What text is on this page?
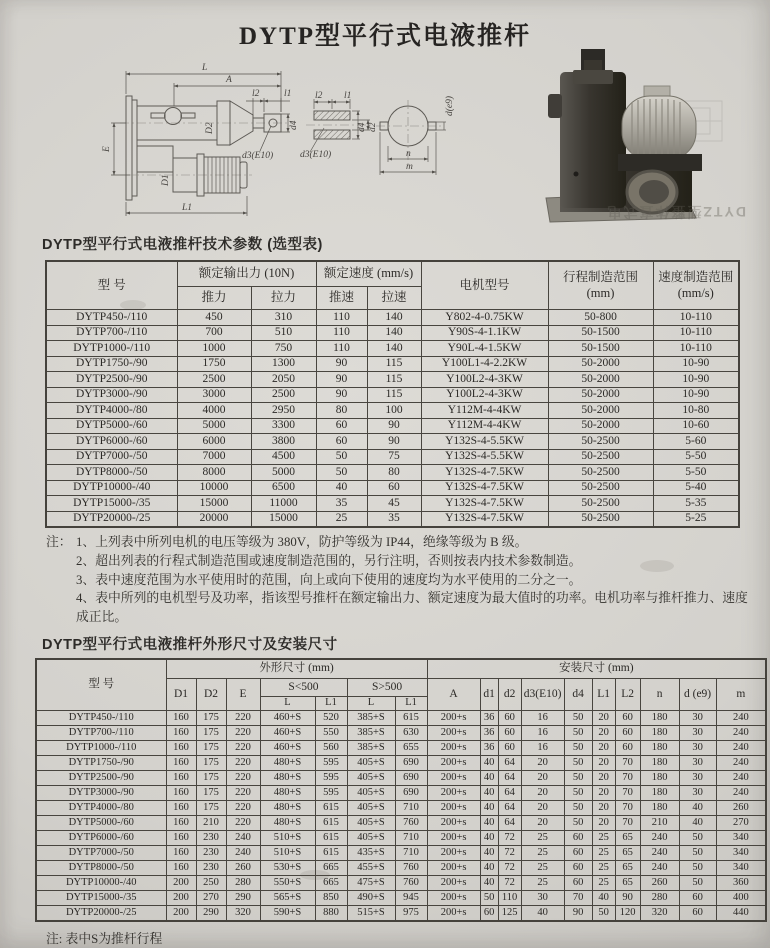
DYTP型平行式电液推杆
L
A
l2	l1
D2	d4
d3(E10)
E
D1
L1
l2 l1
d4 d2
d3(E10)	n
m
d(e9)
DYTZ型整体直式电
DYTP型平行式电液推杆技术参数 (选型表)
型 号	额定输出力 (10N)		额定速度 (mm/s)		电机型号	行程制造范围 (mm)	速度制造范围 (mm/s)
	推力	拉力	推速	拉速			
DYTP450-/110	450	310	110	140	Y802-4-0.75KW	50-800	10-110
DYTP700-/110	700	510	110	140	Y90S-4-1.1KW	50-1500	10-110
DYTP1000-/110	1000	750	110	140	Y90L-4-1.5KW	50-1500	10-110
DYTP1750-/90	1750	1300	90	115	Y100L1-4-2.2KW	50-2000	10-90
DYTP2500-/90	2500	2050	90	115	Y100L2-4-3KW	50-2000	10-90
DYTP3000-/90	3000	2500	90	115	Y100L2-4-3KW	50-2000	10-90
DYTP4000-/80	4000	2950	80	100	Y112M-4-4KW	50-2000	10-80
DYTP5000-/60	5000	3300	60	90	Y112M-4-4KW	50-2000	10-60
DYTP6000-/60	6000	3800	60	90	Y132S-4-5.5KW	50-2500	5-60
DYTP7000-/50	7000	4500	50	75	Y132S-4-5.5KW	50-2500	5-50
DYTP8000-/50	8000	5000	50	80	Y132S-4-7.5KW	50-2500	5-50
DYTP10000-/40	10000	6500	40	60	Y132S-4-7.5KW	50-2500	5-40
DYTP15000-/35	15000	11000	35	45	Y132S-4-7.5KW	50-2500	5-35
DYTP20000-/25	20000	15000	25	35	Y132S-4-7.5KW	50-2500	5-25
注： 1、上列表中所列电机的电压等级为 380V，防护等级为 IP44，绝缘等级为 B 级。
2、超出列表的行程式制造范围或速度制造范围的，另行注明，否则按表内技术参数制造。
3、表中速度范围为水平使用时的范围，向上或向下使用的速度均为水平使用的二分之一。
4、表中所列的电机型号及功率，指该型号推杆在额定输出力、额定速度为最大值时的功率。电机功率与推杆推力、速度成正比。
DYTP型平行式电液推杆外形尺寸及安装尺寸
型 号	外形尺寸 (mm)							安装尺寸 (mm)									
	D1	D2	E	S<500		S>500		A	d1	d2	d3(E10)	d4	L1	L2	n	d (e9)	m
				L	L1	L	L1										
DYTP450-/110	160	175	220	460+S	520	385+S	615	200+s	36	60	16	50	20	60	180	30	240
DYTP700-/110	160	175	220	460+S	550	385+S	630	200+s	36	60	16	50	20	60	180	30	240
DYTP1000-/110	160	175	220	460+S	560	385+S	655	200+s	36	60	16	50	20	60	180	30	240
DYTP1750-/90	160	175	220	480+S	595	405+S	690	200+s	40	64	20	50	20	70	180	30	240
DYTP2500-/90	160	175	220	480+S	595	405+S	690	200+s	40	64	20	50	20	70	180	30	240
DYTP3000-/90	160	175	220	480+S	595	405+S	690	200+s	40	64	20	50	20	70	180	30	240
DYTP4000-/80	160	175	220	480+S	615	405+S	710	200+s	40	64	20	50	20	70	180	40	260
DYTP5000-/60	160	210	220	480+S	615	405+S	760	200+s	40	64	20	50	20	70	210	40	270
DYTP6000-/60	160	230	240	510+S	615	405+S	710	200+s	40	72	25	60	25	65	240	50	340
DYTP7000-/50	160	230	240	510+S	615	435+S	710	200+s	40	72	25	60	25	65	240	50	340
DYTP8000-/50	160	230	260	530+S	665	455+S	760	200+s	40	72	25	60	25	65	240	50	340
DYTP10000-/40	200	250	280	550+S	665	475+S	760	200+s	40	72	25	60	25	65	260	50	360
DYTP15000-/35	200	270	290	565+S	850	490+S	945	200+s	50	110	30	70	40	90	280	60	400
DYTP20000-/25	200	290	320	590+S	880	515+S	975	200+s	60	125	40	90	50	120	320	60	440
注: 表中S为推杆行程
